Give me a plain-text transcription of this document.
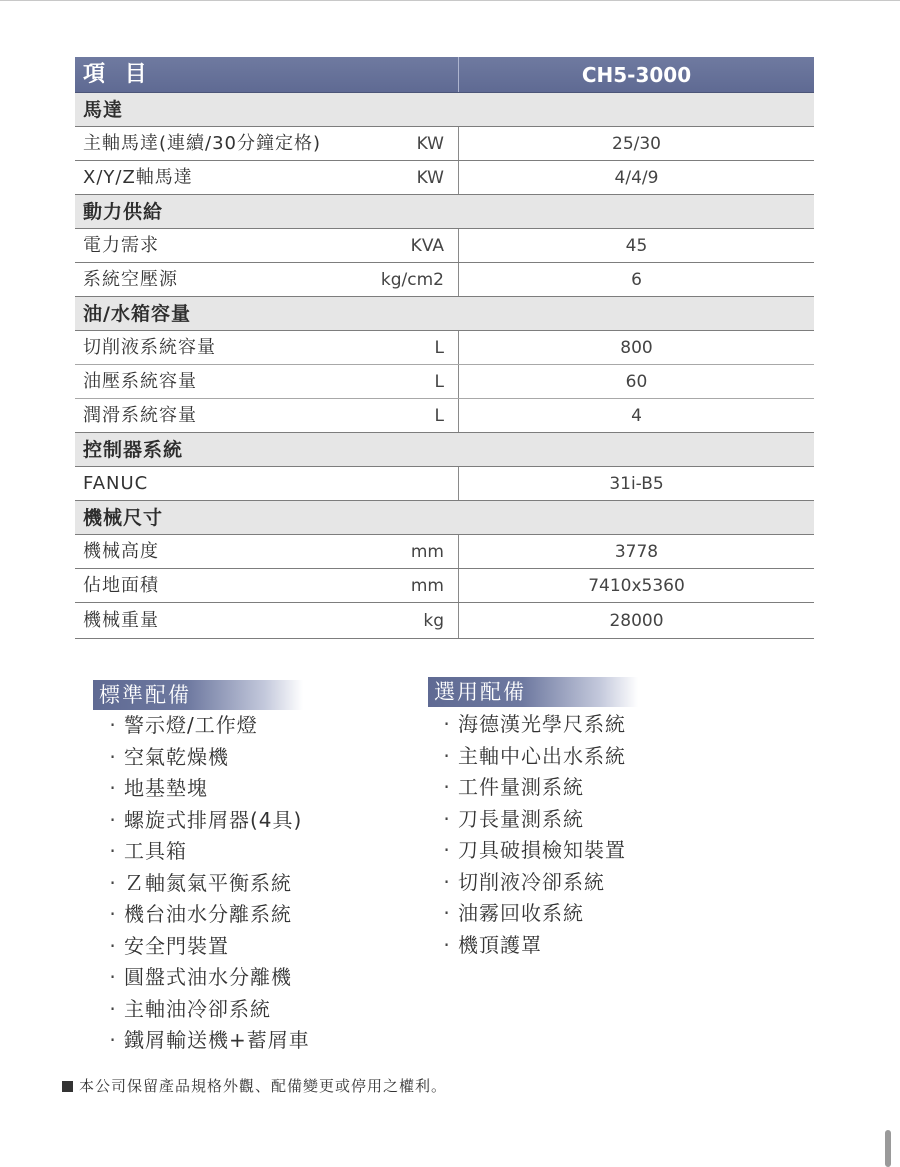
項 目	CH5-3000
馬達
主軸馬達(連續/30分鐘定格)	KW	25/30
X/Y/Z軸馬達	KW	4/4/9
動力供給
電力需求	KVA	45
系統空壓源	kg/cm2	6
油/水箱容量
切削液系統容量	L	800
油壓系統容量	L	60
潤滑系統容量	L	4
控制器系統
FANUC	31i-B5
機械尺寸
機械高度	mm	3778
佔地面積	mm	7410x5360
機械重量	kg	28000
標準配備
‧ 警示燈/工作燈
‧ 空氣乾燥機
‧ 地基墊塊
‧ 螺旋式排屑器(4具)
‧ 工具箱
‧ Ｚ軸氮氣平衡系統
‧ 機台油水分離系統
‧ 安全門裝置
‧ 圓盤式油水分離機
‧ 主軸油冷卻系統
‧ 鐵屑輸送機+蓄屑車
選用配備
‧ 海德漢光學尺系統
‧ 主軸中心出水系統
‧ 工件量測系統
‧ 刀長量測系統
‧ 刀具破損檢知裝置
‧ 切削液冷卻系統
‧ 油霧回收系統
‧ 機頂護罩
本公司保留產品規格外觀、配備變更或停用之權利。
